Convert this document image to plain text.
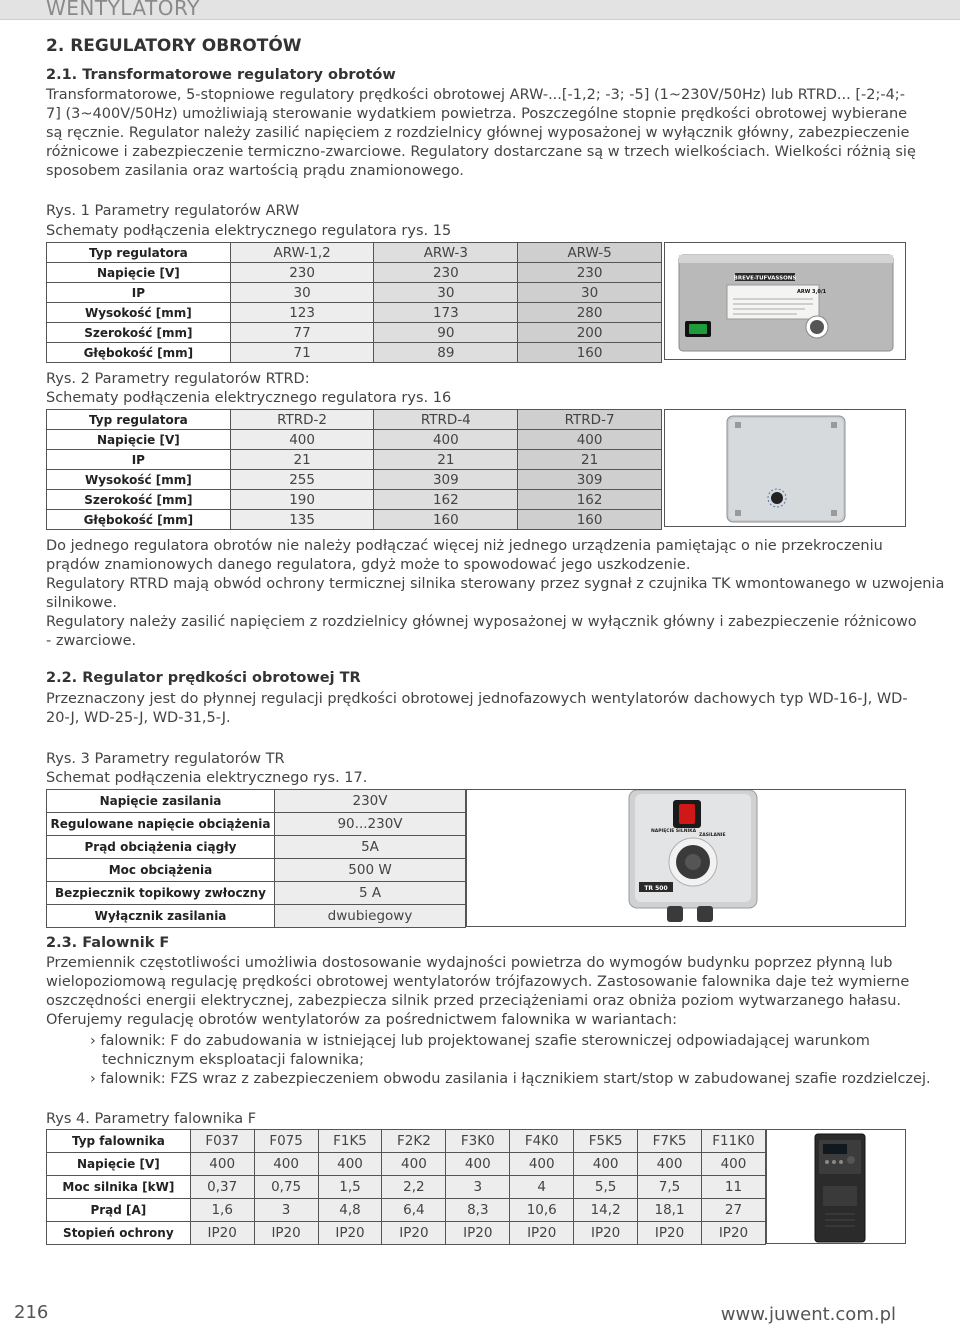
WENTYLATORY
2. REGULATORY OBROTÓW
2.1. Transformatorowe regulatory obrotów
Transformatorowe, 5-stopniowe regulatory prędkości obrotowej ARW-...[-1,2; -3; -5] (1~230V/50Hz) lub RTRD... [-2;-4;-
7] (3~400V/50Hz) umożliwiają sterowanie wydatkiem powietrza. Poszczególne stopnie prędkości obrotowej wybierane
są ręcznie. Regulator należy zasilić napięciem z rozdzielnicy głównej wyposażonej w wyłącznik główny, zabezpieczenie
różnicowe i zabezpieczenie termiczno-zwarciowe. Regulatory dostarczane są w trzech wielkościach. Wielkości różnią się
sposobem zasilania oraz wartością prądu znamionowego.
Rys. 1 Parametry regulatorów ARW
Schematy podłączenia elektrycznego regulatora rys. 15
Typ regulatora	ARW-1,2	ARW-3	ARW-5
Napięcie [V]	230	230	230
IP	30	30	30
Wysokość [mm]	123	173	280
Szerokość [mm]	77	90	200
Głębokość [mm]	71	89	160
BREVE-TUFVASSONS
ARW 3,0/1
Rys. 2 Parametry regulatorów RTRD:
Schematy podłączenia elektrycznego regulatora rys. 16
Typ regulatora	RTRD-2	RTRD-4	RTRD-7
Napięcie [V]	400	400	400
IP	21	21	21
Wysokość [mm]	255	309	309
Szerokość [mm]	190	162	162
Głębokość [mm]	135	160	160
Do jednego regulatora obrotów nie należy podłączać więcej niż jednego urządzenia pamiętając o nie przekroczeniu
prądów znamionowych danego regulatora, gdyż może to spowodować jego uszkodzenie.
Regulatory RTRD mają obwód ochrony termicznej silnika sterowany przez sygnał z czujnika TK wmontowanego w uzwojenia
silnikowe.
Regulatory należy zasilić napięciem z rozdzielnicy głównej wyposażonej w wyłącznik główny i zabezpieczenie różnicowo
- zwarciowe.
2.2. Regulator prędkości obrotowej TR
Przeznaczony jest do płynnej regulacji prędkości obrotowej jednofazowych wentylatorów dachowych typ WD-16-J, WD-
20-J, WD-25-J, WD-31,5-J.
Rys. 3 Parametry regulatorów TR
Schemat podłączenia elektrycznego rys. 17.
Napięcie zasilania	230V
Regulowane napięcie obciążenia	90...230V
Prąd obciążenia ciągły	5A
Moc obciążenia	500 W
Bezpiecznik topikowy zwłoczny	5 A
Wyłącznik zasilania	dwubiegowy
NAPIĘCIE SILNIKA
ZASILANIE
TR 500
2.3. Falownik F
Przemiennik częstotliwości umożliwia dostosowanie wydajności powietrza do wymogów budynku poprzez płynną lub
wielopoziomową regulację prędkości obrotowej wentylatorów trójfazowych. Zastosowanie falownika daje też wymierne
oszczędności energii elektrycznej, zabezpiecza silnik przed przeciążeniami oraz obniża poziom wytwarzanego hałasu.
Oferujemy regulację obrotów wentylatorów za pośrednictwem falownika w wariantach:
› falownik: F do zabudowania w istniejącej lub projektowanej szafie sterowniczej odpowiadającej warunkom
technicznym eksploatacji falownika;
› falownik: FZS wraz z zabezpieczeniem obwodu zasilania i łącznikiem start/stop w zabudowanej szafie rozdzielczej.
Rys 4. Parametry falownika F
Typ falownika	F037	F075	F1K5	F2K2	F3K0	F4K0	F5K5	F7K5	F11K0
Napięcie [V]	400	400	400	400	400	400	400	400	400
Moc silnika [kW]	0,37	0,75	1,5	2,2	3	4	5,5	7,5	11
Prąd [A]	1,6	3	4,8	6,4	8,3	10,6	14,2	18,1	27
Stopień ochrony	IP20	IP20	IP20	IP20	IP20	IP20	IP20	IP20	IP20
216	www.juwent.com.pl
